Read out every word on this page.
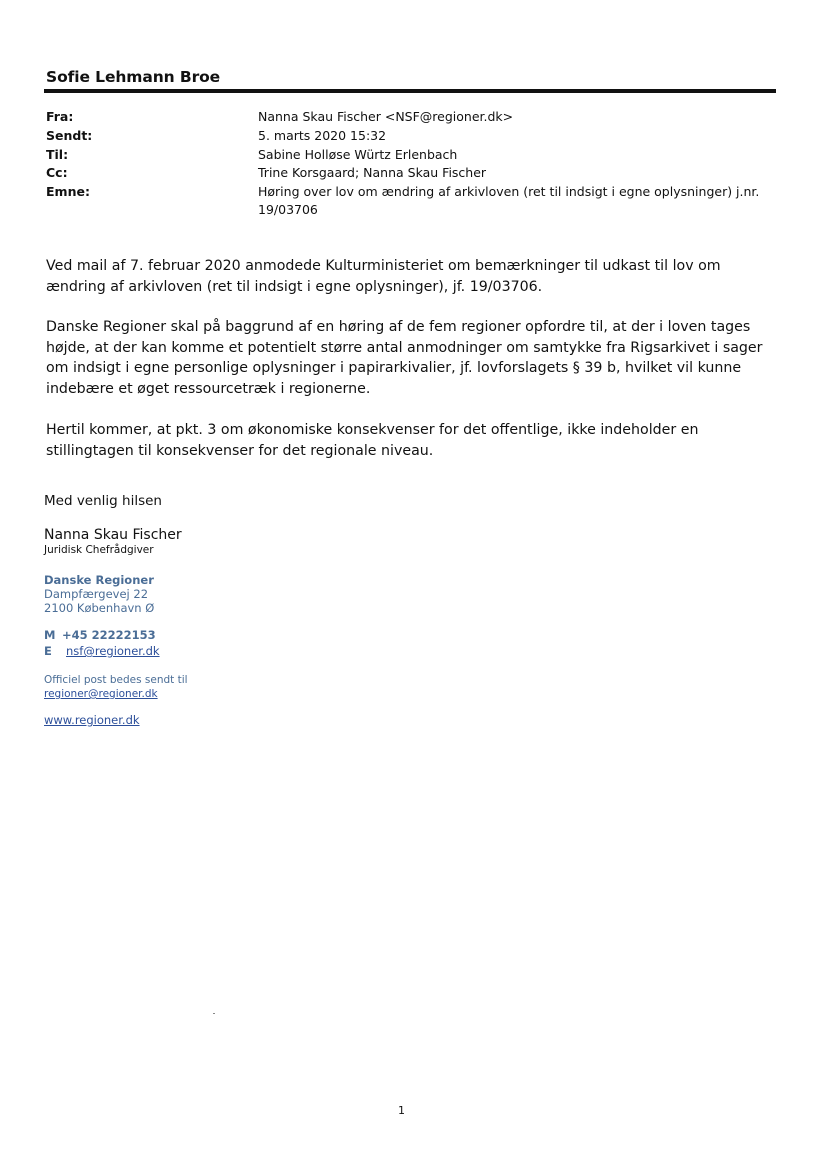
Sofie Lehmann Broe
Fra:	Nanna Skau Fischer <NSF@regioner.dk>
Sendt:	5. marts 2020 15:32
Til:	Sabine Holløse Würtz Erlenbach
Cc:	Trine Korsgaard; Nanna Skau Fischer
Emne:	Høring over lov om ændring af arkivloven (ret til indsigt i egne oplysninger) j.nr. 19/03706
Ved mail af 7. februar 2020 anmodede Kulturministeriet om bemærkninger til udkast til lov om ændring af arkivloven (ret til indsigt i egne oplysninger), jf. 19/03706.
Danske Regioner skal på baggrund af en høring af de fem regioner opfordre til, at der i loven tages højde, at der kan komme et potentielt større antal anmodninger om samtykke fra Rigsarkivet i sager om indsigt i egne personlige oplysninger i papirarkivalier, jf. lovforslagets § 39 b, hvilket vil kunne indebære et øget ressourcetræk i regionerne.
Hertil kommer, at pkt. 3 om økonomiske konsekvenser for det offentlige, ikke indeholder en stillingtagen til konsekvenser for det regionale niveau.
Med venlig hilsen
Nanna Skau Fischer
Juridisk Chefrådgiver
Danske Regioner
Dampfærgevej 22
2100 København Ø
M +45 22222153
E nsf@regioner.dk
Officiel post bedes sendt til
regioner@regioner.dk
www.regioner.dk
1
